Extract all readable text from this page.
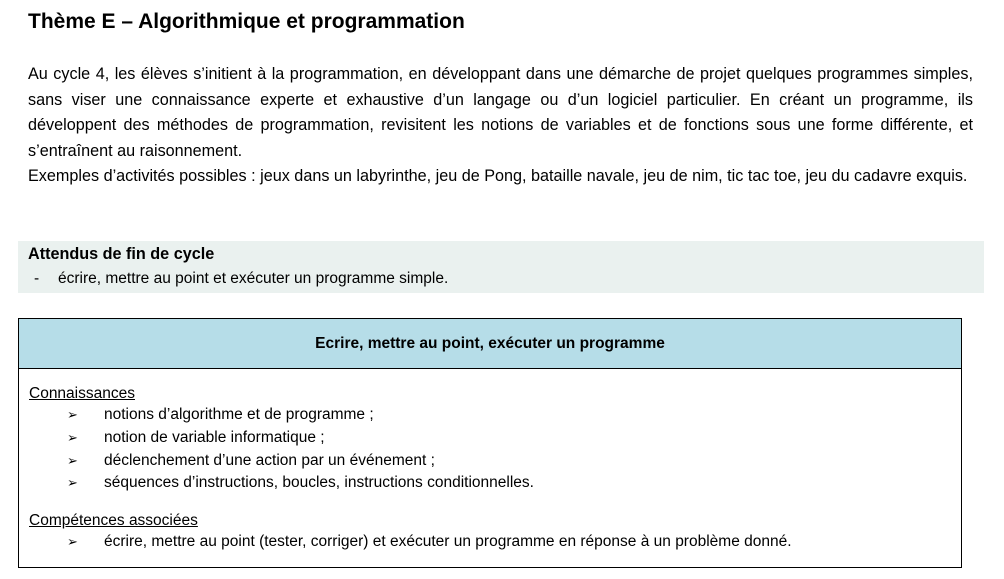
Thème E – Algorithmique et programmation

Au cycle 4, les élèves s’initient à la programmation, en développant dans une démarche de projet quelques programmes simples, sans viser une connaissance experte et exhaustive d’un langage ou d’un logiciel particulier. En créant un programme, ils développent des méthodes de programmation, revisitent les notions de variables et de fonctions sous une forme différente, et s’entraînent au raisonnement.

Exemples d’activités possibles : jeux dans un labyrinthe, jeu de Pong, bataille navale, jeu de nim, tic tac toe, jeu du cadavre exquis.

Attendus de fin de cycle
-	écrire, mettre au point et exécuter un programme simple.
Ecrire, mettre au point, exécuter un programme
Connaissances
➢	notions d’algorithme et de programme ;
➢	notion de variable informatique ;
➢	déclenchement d’une action par un événement ;
➢	séquences d’instructions, boucles, instructions conditionnelles.
Compétences associées
➢	écrire, mettre au point (tester, corriger) et exécuter un programme en réponse à un problème donné.
